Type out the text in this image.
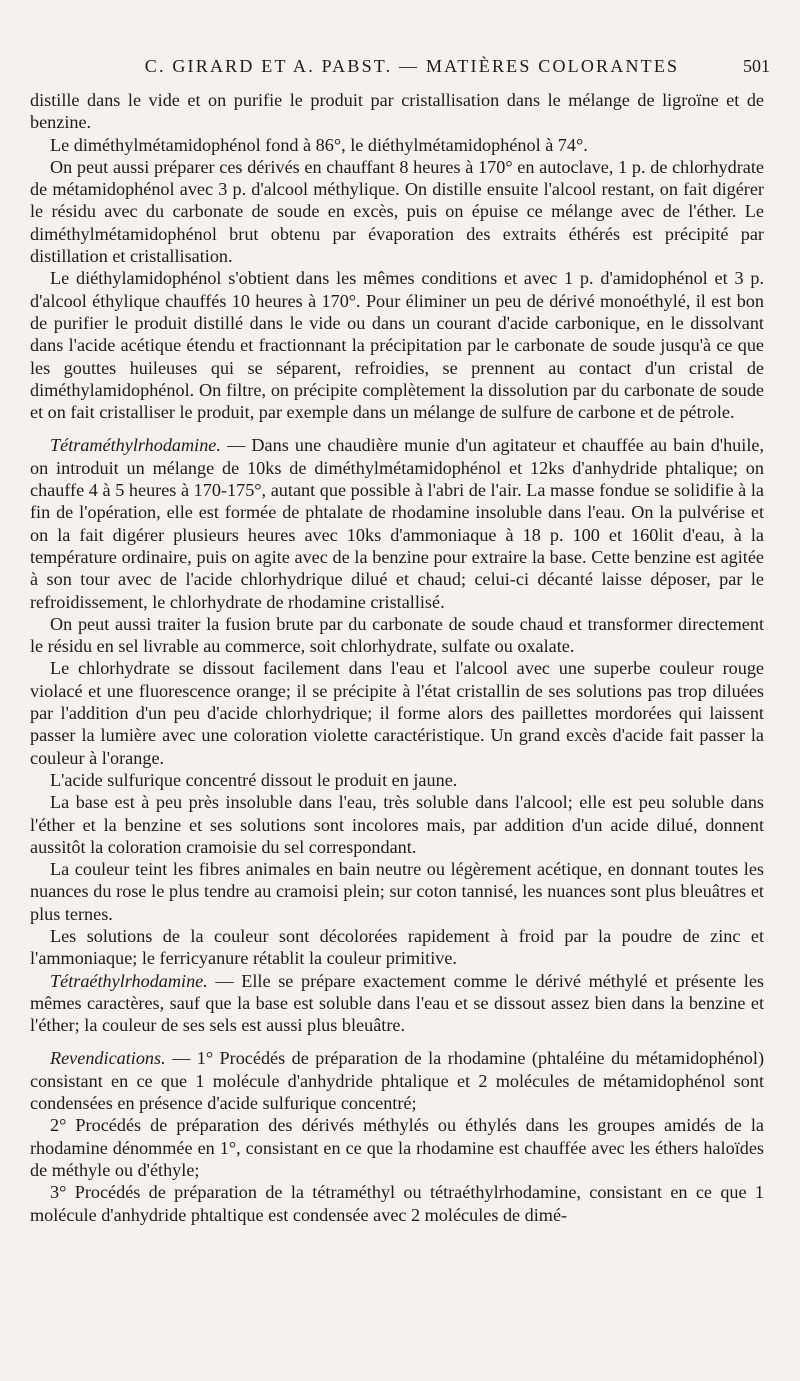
C. GIRARD ET A. PABST. — MATIÈRES COLORANTES	501

distille dans le vide et on purifie le produit par cristallisation dans le mélange de ligroïne et de benzine.

Le diméthylmétamidophénol fond à 86°, le diéthylmétamidophénol à 74°.

On peut aussi préparer ces dérivés en chauffant 8 heures à 170° en autoclave, 1 p. de chlorhydrate de métamidophénol avec 3 p. d'alcool méthylique. On distille ensuite l'alcool restant, on fait digérer le résidu avec du carbonate de soude en excès, puis on épuise ce mélange avec de l'éther. Le diméthylmétamidophénol brut obtenu par évaporation des extraits éthérés est précipité par distillation et cristallisation.

Le diéthylamidophénol s'obtient dans les mêmes conditions et avec 1 p. d'amidophénol et 3 p. d'alcool éthylique chauffés 10 heures à 170°. Pour éliminer un peu de dérivé monoéthylé, il est bon de purifier le produit distillé dans le vide ou dans un courant d'acide carbonique, en le dissolvant dans l'acide acétique étendu et fractionnant la précipitation par le carbonate de soude jusqu'à ce que les gouttes huileuses qui se séparent, refroidies, se prennent au contact d'un cristal de diméthylamidophénol. On filtre, on précipite complètement la dissolution par du carbonate de soude et on fait cristalliser le produit, par exemple dans un mélange de sulfure de carbone et de pétrole.

Tétraméthylrhodamine. — Dans une chaudière munie d'un agitateur et chauffée au bain d'huile, on introduit un mélange de 10ks de diméthylmétamidophénol et 12ks d'anhydride phtalique; on chauffe 4 à 5 heures à 170-175°, autant que possible à l'abri de l'air. La masse fondue se solidifie à la fin de l'opération, elle est formée de phtalate de rhodamine insoluble dans l'eau. On la pulvérise et on la fait digérer plusieurs heures avec 10ks d'ammoniaque à 18 p. 100 et 160lit d'eau, à la température ordinaire, puis on agite avec de la benzine pour extraire la base. Cette benzine est agitée à son tour avec de l'acide chlorhydrique dilué et chaud; celui-ci décanté laisse déposer, par le refroidissement, le chlorhydrate de rhodamine cristallisé.

On peut aussi traiter la fusion brute par du carbonate de soude chaud et transformer directement le résidu en sel livrable au commerce, soit chlorhydrate, sulfate ou oxalate.

Le chlorhydrate se dissout facilement dans l'eau et l'alcool avec une superbe couleur rouge violacé et une fluorescence orange; il se précipite à l'état cristallin de ses solutions pas trop diluées par l'addition d'un peu d'acide chlorhydrique; il forme alors des paillettes mordorées qui laissent passer la lumière avec une coloration violette caractéristique. Un grand excès d'acide fait passer la couleur à l'orange.

L'acide sulfurique concentré dissout le produit en jaune.

La base est à peu près insoluble dans l'eau, très soluble dans l'alcool; elle est peu soluble dans l'éther et la benzine et ses solutions sont incolores mais, par addition d'un acide dilué, donnent aussitôt la coloration cramoisie du sel correspondant.

La couleur teint les fibres animales en bain neutre ou légèrement acétique, en donnant toutes les nuances du rose le plus tendre au cramoisi plein; sur coton tannisé, les nuances sont plus bleuâtres et plus ternes.

Les solutions de la couleur sont décolorées rapidement à froid par la poudre de zinc et l'ammoniaque; le ferricyanure rétablit la couleur primitive.

Tétraéthylrhodamine. — Elle se prépare exactement comme le dérivé méthylé et présente les mêmes caractères, sauf que la base est soluble dans l'eau et se dissout assez bien dans la benzine et l'éther; la couleur de ses sels est aussi plus bleuâtre.

Revendications. — 1° Procédés de préparation de la rhodamine (phtaléine du métamidophénol) consistant en ce que 1 molécule d'anhydride phtalique et 2 molécules de métamidophénol sont condensées en présence d'acide sulfurique concentré;

2° Procédés de préparation des dérivés méthylés ou éthylés dans les groupes amidés de la rhodamine dénommée en 1°, consistant en ce que la rhodamine est chauffée avec les éthers haloïdes de méthyle ou d'éthyle;

3° Procédés de préparation de la tétraméthyl ou tétraéthylrhodamine, consistant en ce que 1 molécule d'anhydride phtaltique est condensée avec 2 molécules de dimé-
